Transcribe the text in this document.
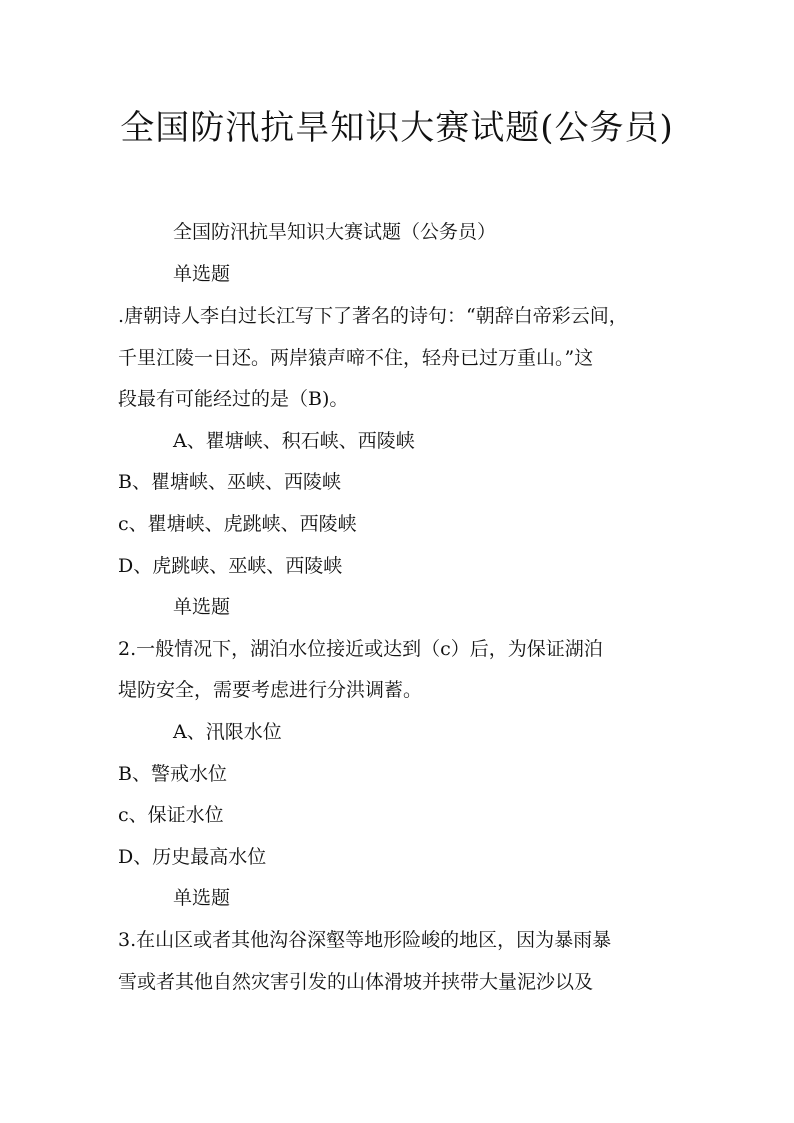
全国防汛抗旱知识大赛试题(公务员)

全国防汛抗旱知识大赛试题（公务员）

单选题

.唐朝诗人李白过长江写下了著名的诗句：“朝辞白帝彩云间，

千里江陵一日还。两岸猿声啼不住，轻舟已过万重山。”这

段最有可能经过的是（B)。

A、瞿塘峡、积石峡、西陵峡

B、瞿塘峡、巫峡、西陵峡

c、瞿塘峡、虎跳峡、西陵峡

D、虎跳峡、巫峡、西陵峡

单选题

2.一般情况下，湖泊水位接近或达到（c）后，为保证湖泊

堤防安全，需要考虑进行分洪调蓄。

A、汛限水位

B、警戒水位

c、保证水位

D、历史最高水位

单选题

3.在山区或者其他沟谷深壑等地形险峻的地区，因为暴雨暴

雪或者其他自然灾害引发的山体滑坡并挟带大量泥沙以及
